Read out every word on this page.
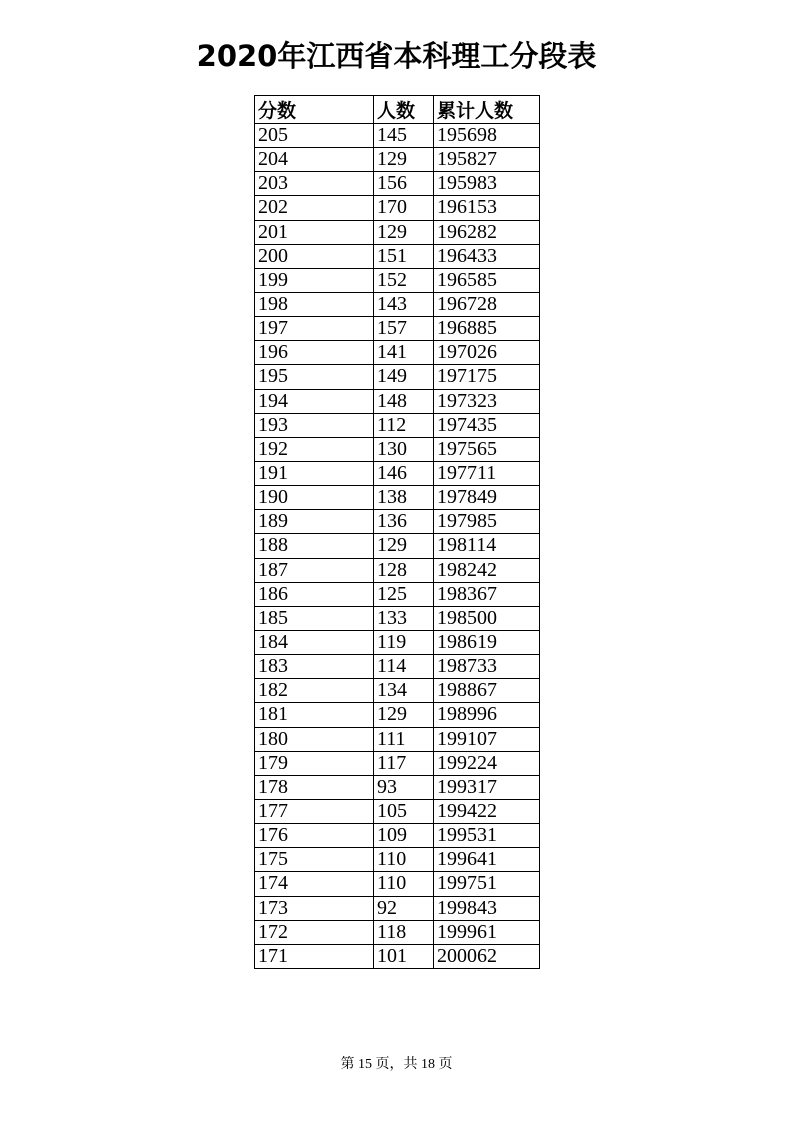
2020年江西省本科理工分段表
分数	人数	累计人数
205	145	195698
204	129	195827
203	156	195983
202	170	196153
201	129	196282
200	151	196433
199	152	196585
198	143	196728
197	157	196885
196	141	197026
195	149	197175
194	148	197323
193	112	197435
192	130	197565
191	146	197711
190	138	197849
189	136	197985
188	129	198114
187	128	198242
186	125	198367
185	133	198500
184	119	198619
183	114	198733
182	134	198867
181	129	198996
180	111	199107
179	117	199224
178	93	199317
177	105	199422
176	109	199531
175	110	199641
174	110	199751
173	92	199843
172	118	199961
171	101	200062
第 15 页，共 18 页
